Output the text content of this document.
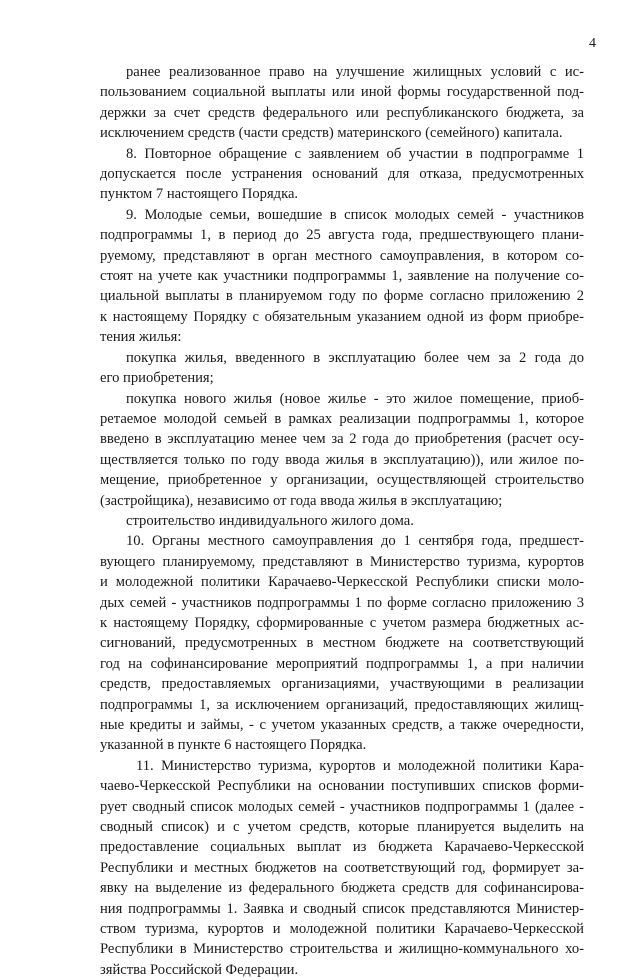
4
ранее реализованное право на улучшение жилищных условий с ис-
пользованием социальной выплаты или иной формы государственной под-
держки за счет средств федерального или республиканского бюджета, за
исключением средств (части средств) материнского (семейного) капитала.
8. Повторное обращение с заявлением об участии в подпрограмме 1
допускается после устранения оснований для отказа, предусмотренных
пунктом 7 настоящего Порядка.
9. Молодые семьи, вошедшие в список молодых семей - участников
подпрограммы 1, в период до 25 августа года, предшествующего плани-
руемому, представляют в орган местного самоуправления, в котором со-
стоят на учете как участники подпрограммы 1, заявление на получение со-
циальной выплаты в планируемом году по форме согласно приложению 2
к настоящему Порядку с обязательным указанием одной из форм приобре-
тения жилья:
покупка жилья, введенного в эксплуатацию более чем за 2 года до
его приобретения;
покупка нового жилья (новое жилье - это жилое помещение, приоб-
ретаемое молодой семьей в рамках реализации подпрограммы 1, которое
введено в эксплуатацию менее чем за 2 года до приобретения (расчет осу-
ществляется только по году ввода жилья в эксплуатацию)), или жилое по-
мещение, приобретенное у организации, осуществляющей строительство
(застройщика), независимо от года ввода жилья в эксплуатацию;
строительство индивидуального жилого дома.
10. Органы местного самоуправления до 1 сентября года, предшест-
вующего планируемому, представляют в Министерство туризма, курортов
и молодежной политики Карачаево-Черкесской Республики списки моло-
дых семей - участников подпрограммы 1 по форме согласно приложению 3
к настоящему Порядку, сформированные с учетом размера бюджетных ас-
сигнований, предусмотренных в местном бюджете на соответствующий
год на софинансирование мероприятий подпрограммы 1, а при наличии
средств, предоставляемых организациями, участвующими в реализации
подпрограммы 1, за исключением организаций, предоставляющих жилищ-
ные кредиты и займы, - с учетом указанных средств, а также очередности,
указанной в пункте 6 настоящего Порядка.
11. Министерство туризма, курортов и молодежной политики Кара-
чаево-Черкесской Республики на основании поступивших списков форми-
рует сводный список молодых семей - участников подпрограммы 1 (далее -
сводный список) и с учетом средств, которые планируется выделить на
предоставление социальных выплат из бюджета Карачаево-Черкесской
Республики и местных бюджетов на соответствующий год, формирует за-
явку на выделение из федерального бюджета средств для софинансирова-
ния подпрограммы 1. Заявка и сводный список представляются Министер-
ством туризма, курортов и молодежной политики Карачаево-Черкесской
Республики в Министерство строительства и жилищно-коммунального хо-
зяйства Российской Федерации.
